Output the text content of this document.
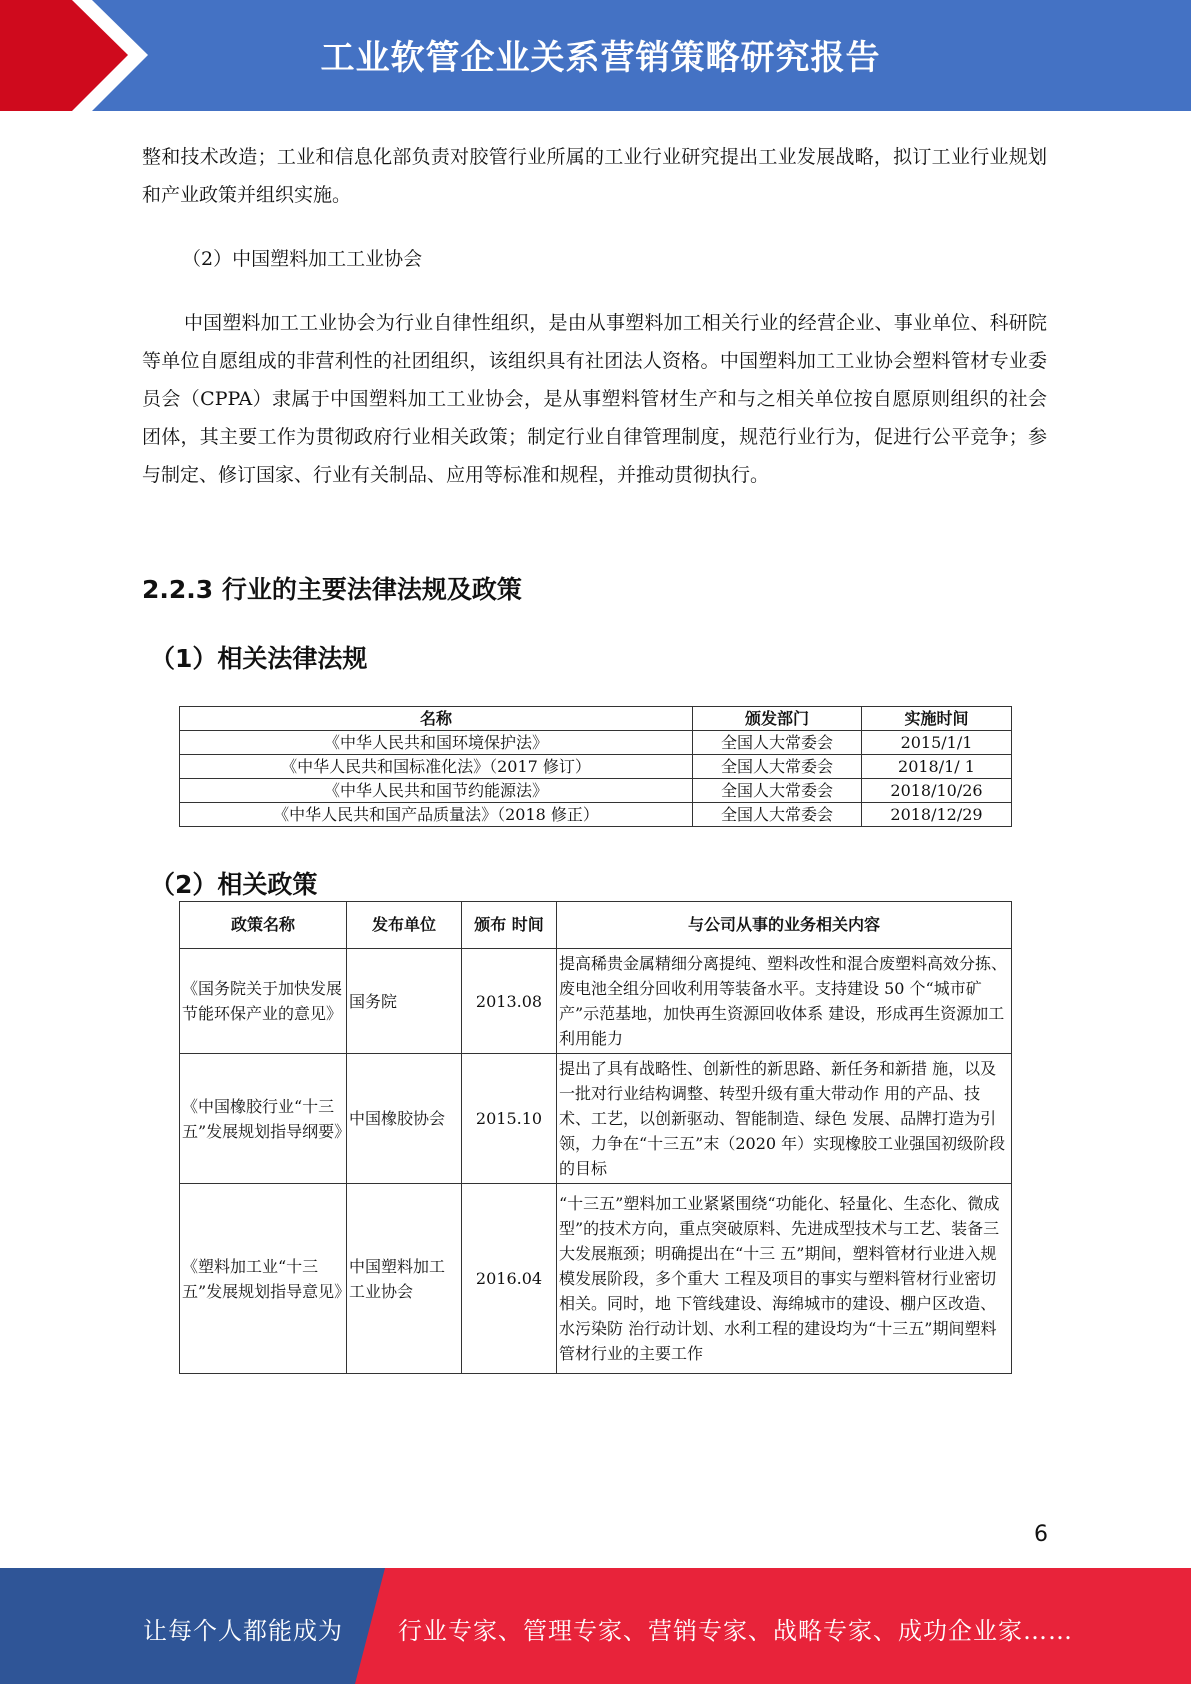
工业软管企业关系营销策略研究报告

整和技术改造；工业和信息化部负责对胶管行业所属的工业行业研究提出工业发展战略，拟订工业行业规划和产业政策并组织实施。

（2）中国塑料加工工业协会

中国塑料加工工业协会为行业自律性组织，是由从事塑料加工相关行业的经营企业、事业单位、科研院等单位自愿组成的非营利性的社团组织，该组织具有社团法人资格。中国塑料加工工业协会塑料管材专业委员会（CPPA）隶属于中国塑料加工工业协会，是从事塑料管材生产和与之相关单位按自愿原则组织的社会团体，其主要工作为贯彻政府行业相关政策；制定行业自律管理制度，规范行业行为，促进行公平竞争；参与制定、修订国家、行业有关制品、应用等标准和规程，并推动贯彻执行。

2.2.3 行业的主要法律法规及政策
（1）相关法律法规
名称	颁发部门	实施时间
《中华人民共和国环境保护法》	全国人大常委会	2015/1/1
《中华人民共和国标准化法》（2017 修订）	全国人大常委会	2018/1/ 1
《中华人民共和国节约能源法》	全国人大常委会	2018/10/26
《中华人民共和国产品质量法》（2018 修正）	全国人大常委会	2018/12/29
（2）相关政策
政策名称	发布单位	颁布 时间	与公司从事的业务相关内容
《国务院关于加快发展节能环保产业的意见》	国务院	2013.08	提高稀贵金属精细分离提纯、塑料改性和混合废塑料高效分拣、废电池全组分回收利用等装备水平。支持建设 50 个“城市矿产”示范基地，加快再生资源回收体系 建设，形成再生资源加工利用能力
《中国橡胶行业“十三五”发展规划指导纲要》	中国橡胶协会	2015.10	提出了具有战略性、创新性的新思路、新任务和新措 施，以及一批对行业结构调整、转型升级有重大带动作 用的产品、技术、工艺，以创新驱动、智能制造、绿色 发展、品牌打造为引领，力争在“十三五”末（2020 年）实现橡胶工业强国初级阶段的目标
《塑料加工业“十三五”发展规划指导意见》	中国塑料加工工业协会	2016.04	“十三五”塑料加工业紧紧围绕“功能化、轻量化、生态化、微成型”的技术方向，重点突破原料、先进成型技术与工艺、装备三大发展瓶颈；明确提出在“十三 五”期间，塑料管材行业进入规模发展阶段，多个重大 工程及项目的事实与塑料管材行业密切相关。同时，地 下管线建设、海绵城市的建设、棚户区改造、水污染防 治行动计划、水利工程的建设均为“十三五”期间塑料 管材行业的主要工作
6
让每个人都能成为 行业专家、管理专家、营销专家、战略专家、成功企业家……
